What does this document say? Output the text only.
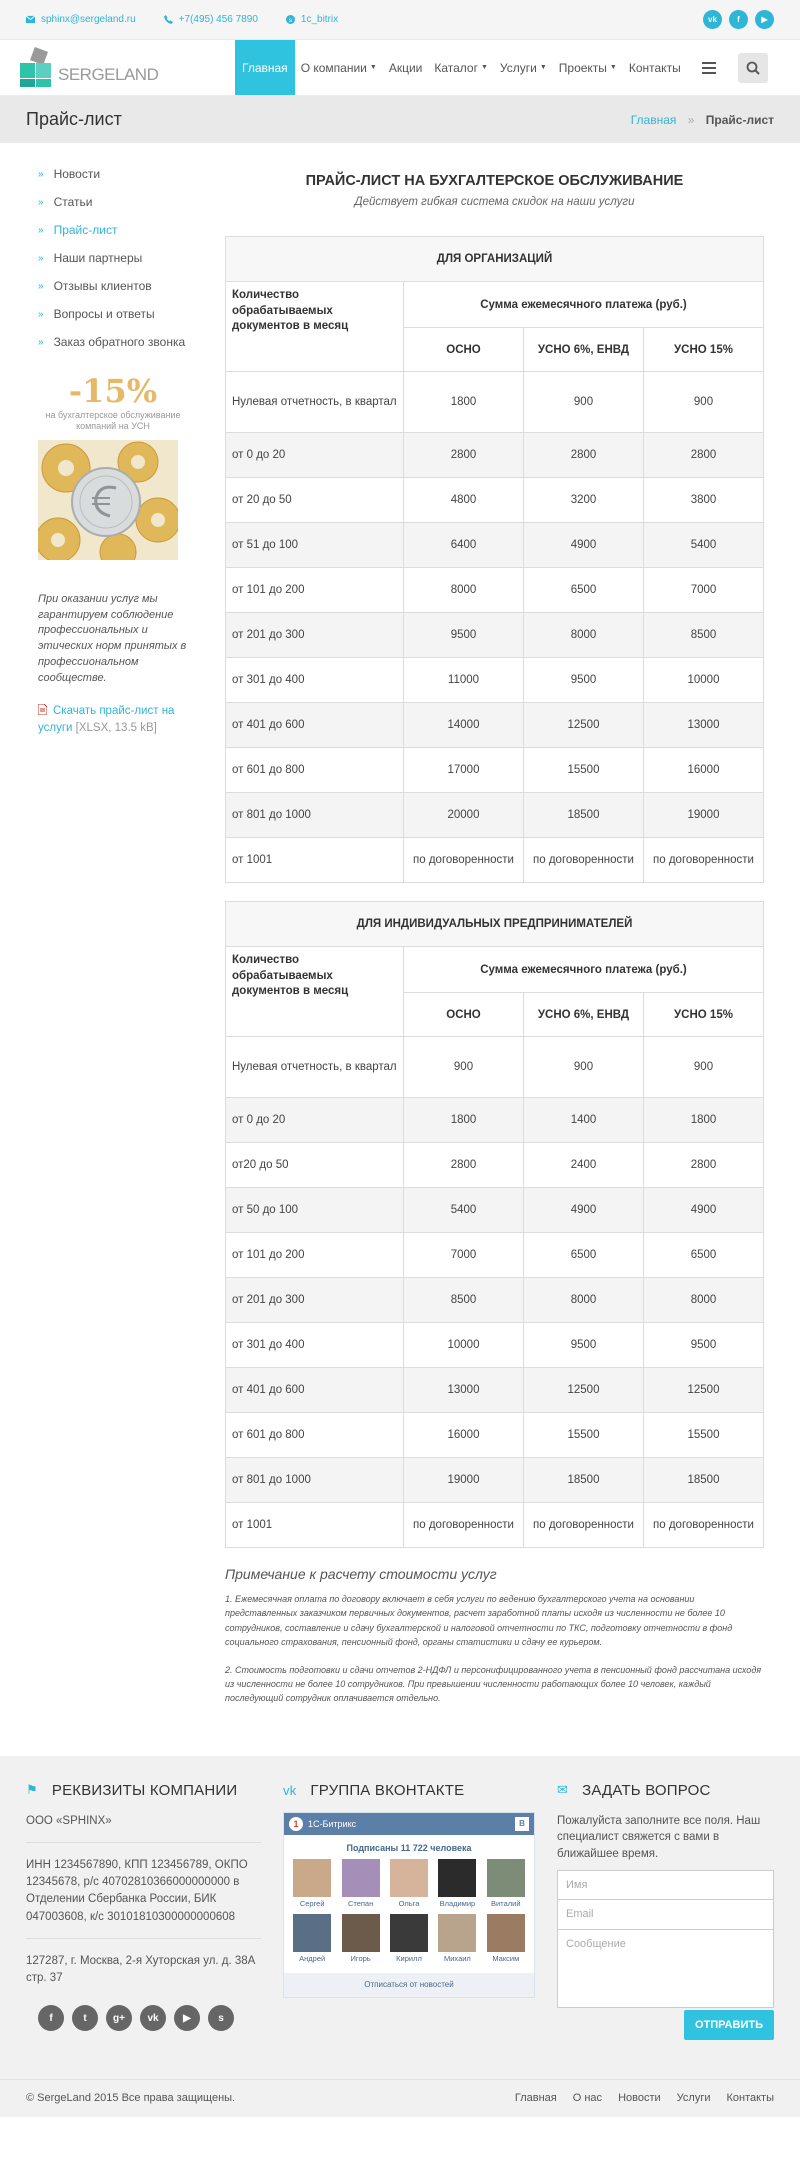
sphinx@sergeland.ru	+7(495) 456 7890	s 1c_bitrix	vk	f	▶
SERGELAND	Главная О компании ▼ Акции Каталог ▼ Услуги ▼ Проекты ▼ Контакты
Прайс-лист	Главная » Прайс-лист
» Новости
» Статьи
» Прайс-лист
» Наши партнеры
» Отзывы клиентов
» Вопросы и ответы
» Заказ обратного звонка
-15%
на бухгалтерское обслуживание компаний на УСН

При оказании услуг мы гарантируем соблюдение профессиональных и этических норм принятых в профессиональном сообществе.

Скачать прайс-лист на услуги [XLSX, 13.5 kB]
ПРАЙС-ЛИСТ НА БУХГАЛТЕРСКОЕ ОБСЛУЖИВАНИЕ

Действует гибкая система скидок на наши услуги

ДЛЯ ОРГАНИЗАЦИЙ			
Количество обрабатываемых документов в месяц	Сумма ежемесячного платежа (руб.)		
	ОСНО	УСНО 6%, ЕНВД	УСНО 15%
Нулевая отчетность, в квартал	1800	900	900
от 0 до 20	2800	2800	2800
от 20 до 50	4800	3200	3800
от 51 до 100	6400	4900	5400
от 101 до 200	8000	6500	7000
от 201 до 300	9500	8000	8500
от 301 до 400	11000	9500	10000
от 401 до 600	14000	12500	13000
от 601 до 800	17000	15500	16000
от 801 до 1000	20000	18500	19000
от 1001	по договоренности	по договоренности	по договоренности
ДЛЯ ИНДИВИДУАЛЬНЫХ ПРЕДПРИНИМАТЕЛЕЙ			
Количество обрабатываемых документов в месяц	Сумма ежемесячного платежа (руб.)		
	ОСНО	УСНО 6%, ЕНВД	УСНО 15%
Нулевая отчетность, в квартал	900	900	900
от 0 до 20	1800	1400	1800
от20 до 50	2800	2400	2800
от 50 до 100	5400	4900	4900
от 101 до 200	7000	6500	6500
от 201 до 300	8500	8000	8000
от 301 до 400	10000	9500	9500
от 401 до 600	13000	12500	12500
от 601 до 800	16000	15500	15500
от 801 до 1000	19000	18500	18500
от 1001	по договоренности	по договоренности	по договоренности
Примечание к расчету стоимости услуг

1. Ежемесячная оплата по договору включает в себя услуги по ведению бухгалтерского учета на основании представленных заказчиком первичных документов, расчет заработной платы исходя из численности не более 10 сотрудников, составление и сдачу бухгалтерской и налоговой отчетности по ТКС, подготовку отчетности в фонд социального страхования, пенсионный фонд, органы статистики и сдачу ее курьером.

2. Стоимость подготовки и сдачи отчетов 2-НДФЛ и персонифицированного учета в пенсионный фонд рассчитана исходя из численности не более 10 сотрудников. При превышении численности работающих более 10 человек, каждый последующий сотрудник оплачивается отдельно.

⚑ РЕКВИЗИТЫ КОМПАНИИ
ООО «SPHINX»
ИНН 1234567890, КПП 123456789, ОКПО 12345678, р/с 40702810366000000000 в Отделении Сбербанка России, БИК 047003608, к/с 30101810300000000608
127287, г. Москва, 2-я Хуторская ул. д. 38А стр. 37
f	t	g+	vk	▶	s
vk ГРУППА ВКОНТАКТЕ
1	1С-Битрикс	В
Подписаны 11 722 человека
Сергей	Степан	Ольга	Владимир	Виталий
Андрей	Игорь	Кирилл	Михаил	Максим
Отписаться от новостей
✉ ЗАДАТЬ ВОПРОС
Пожалуйста заполните все поля. Наш специалист свяжется с вами в ближайшее время.
Имя
Email
Сообщение
ОТПРАВИТЬ
© SergeLand 2015 Все права защищены.	Главная О нас Новости Услуги Контакты
